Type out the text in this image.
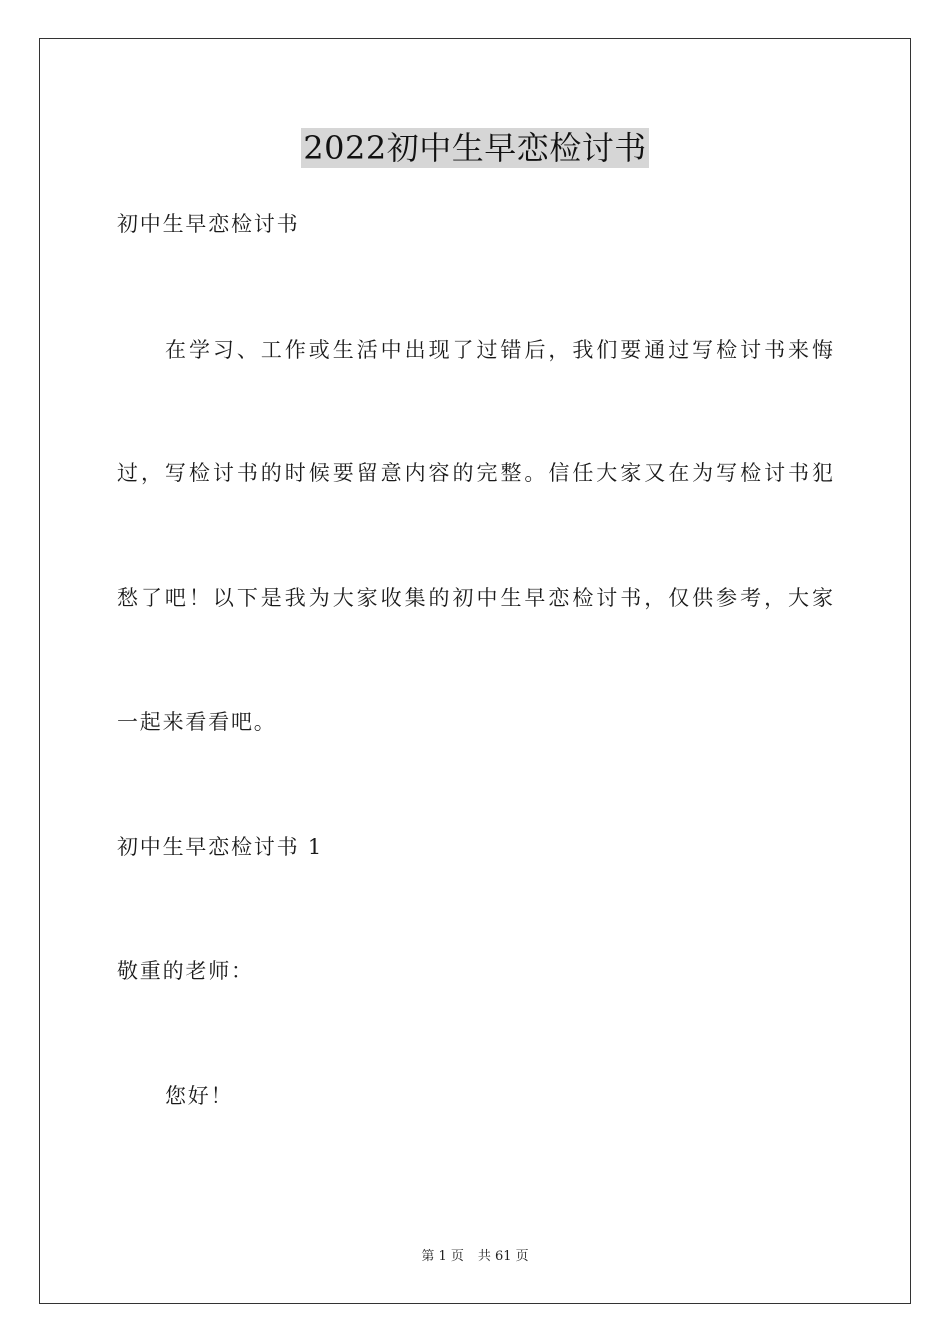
2022初中生早恋检讨书
初中生早恋检讨书
在学习、工作或生活中出现了过错后，我们要通过写检讨书来悔
过，写检讨书的时候要留意内容的完整。信任大家又在为写检讨书犯
愁了吧！以下是我为大家收集的初中生早恋检讨书，仅供参考，大家
一起来看看吧。
初中生早恋检讨书 1
敬重的老师：
您好！
第 1 页 共 61 页
